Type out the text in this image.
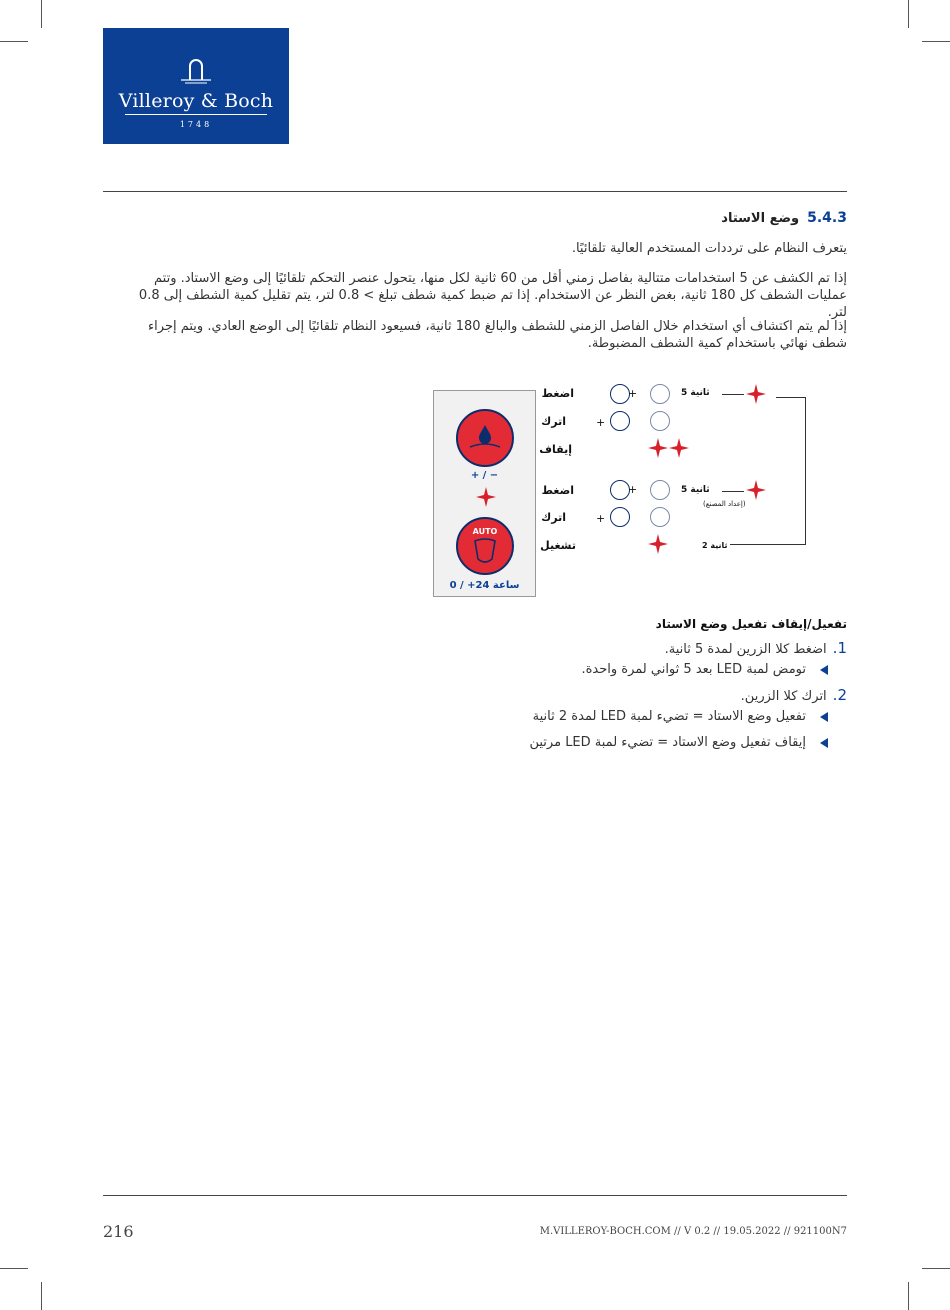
Villeroy & Boch
1748
5.4.3وضع الاستاد
يتعرف النظام على ترددات المستخدم العالية تلقائيًا.
إذا تم الكشف عن 5 استخدامات متتالية بفاصل زمني أقل من 60 ثانية لكل منها، يتحول عنصر التحكم تلقائيًا إلى وضع الاستاد. وتتم عمليات الشطف كل 180 ثانية، بغض النظر عن الاستخدام. إذا تم ضبط كمية شطف تبلغ > 0.8 لتر، يتم تقليل كمية الشطف إلى 0.8 لتر.
إذا لم يتم اكتشاف أي استخدام خلال الفاصل الزمني للشطف والبالغ 180 ثانية، فسيعود النظام تلقائيًا إلى الوضع العادي. ويتم إجراء شطف نهائي باستخدام كمية الشطف المضبوطة.
+ / −
AUTO
ساعة 24+ / 0
اضغط	+	5 ثانية
اترك	+
إيقاف
اضغط	+	5 ثانية
(إعداد المصنع)
اترك	+
تشغيل	2 ثانية
تفعيل/إيقاف تفعيل وضع الاستاد
1.اضغط كلا الزرين لمدة 5 ثانية.
تومض لمبة LED بعد 5 ثواني لمرة واحدة.
2.اترك كلا الزرين.
تفعيل وضع الاستاد = تضيء لمبة LED لمدة 2 ثانية
إيقاف تفعيل وضع الاستاد = تضيء لمبة LED مرتين
216	M.VILLEROY-BOCH.COM // V 0.2 // 19.05.2022 // 921100N7
